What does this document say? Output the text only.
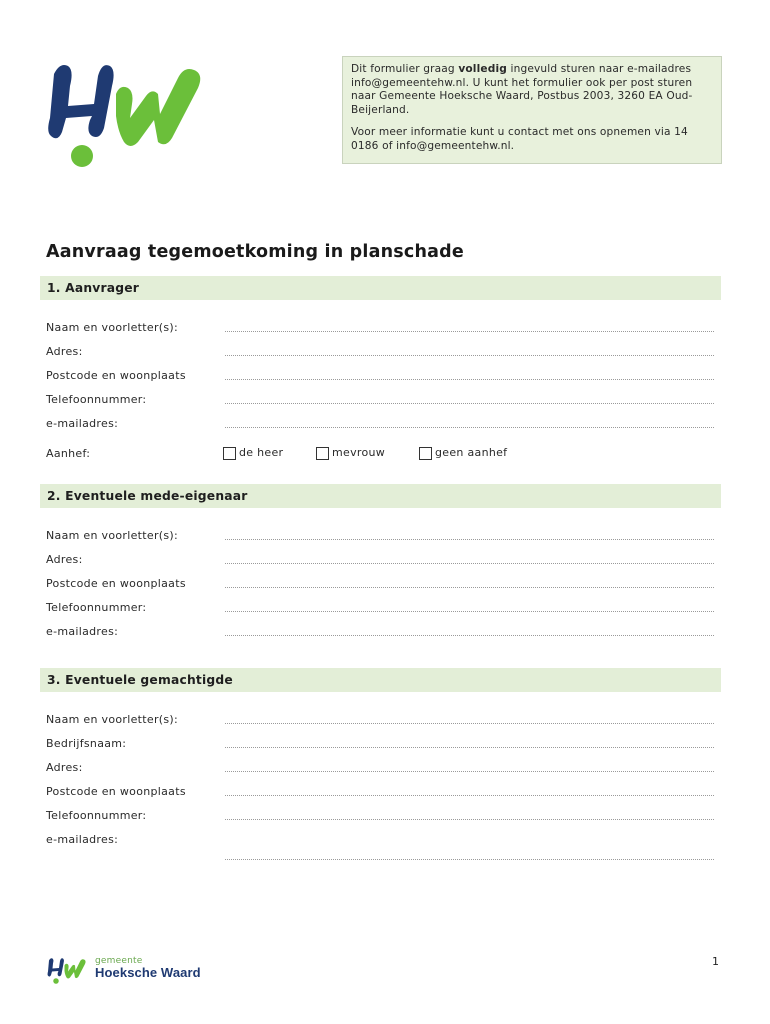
Dit formulier graag volledig ingevuld sturen naar e-mailadres info@gemeentehw.nl. U kunt het formulier ook per post sturen naar Gemeente Hoeksche Waard, Postbus 2003, 3260 EA Oud-Beijerland.

Voor meer informatie kunt u contact met ons opnemen via 14 0186 of info@gemeentehw.nl.

Aanvraag tegemoetkoming in planschade
1. Aanvrager
Naam en voorletter(s):
Adres:
Postcode en woonplaats
Telefoonnummer:
e-mailadres:
Aanhef:	de heer	mevrouw	geen aanhef
2. Eventuele mede-eigenaar
Naam en voorletter(s):
Adres:
Postcode en woonplaats
Telefoonnummer:
e-mailadres:
3. Eventuele gemachtigde
Naam en voorletter(s):
Bedrijfsnaam:
Adres:
Postcode en woonplaats
Telefoonnummer:
e-mailadres:
1
gemeente
Hoeksche Waard
